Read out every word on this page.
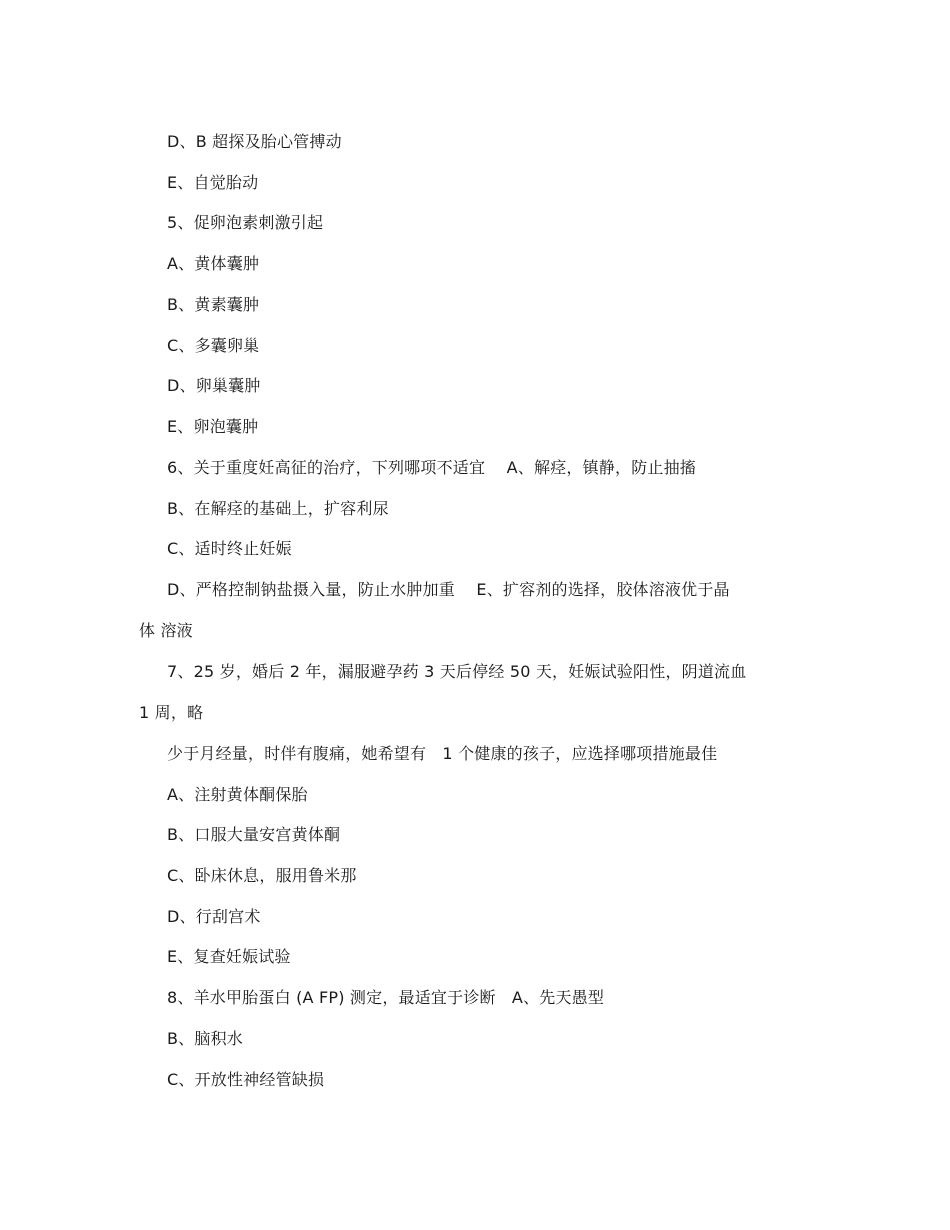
D、B 超探及胎心管搏动
E、自觉胎动
5、促卵泡素刺激引起
A、黄体囊肿
B、黄素囊肿
C、多囊卵巢
D、卵巢囊肿
E、卵泡囊肿
6、关于重度妊高征的治疗，下列哪项不适宜　 A、解痉，镇静，防止抽搐
B、在解痉的基础上，扩容利尿
C、适时终止妊娠
D、严格控制钠盐摄入量，防止水肿加重　 E、扩容剂的选择，胶体溶液优于晶
体 溶液
7、25 岁，婚后 2 年，漏服避孕药 3 天后停经 50 天，妊娠试验阳性，阴道流血
1 周，略
少于月经量，时伴有腹痛，她希望有　1 个健康的孩子，应选择哪项措施最佳
A、注射黄体酮保胎
B、口服大量安宫黄体酮
C、卧床休息，服用鲁米那
D、行刮宫术
E、复查妊娠试验
8、羊水甲胎蛋白 (A FP) 测定，最适宜于诊断　A、先天愚型
B、脑积水
C、开放性神经管缺损
